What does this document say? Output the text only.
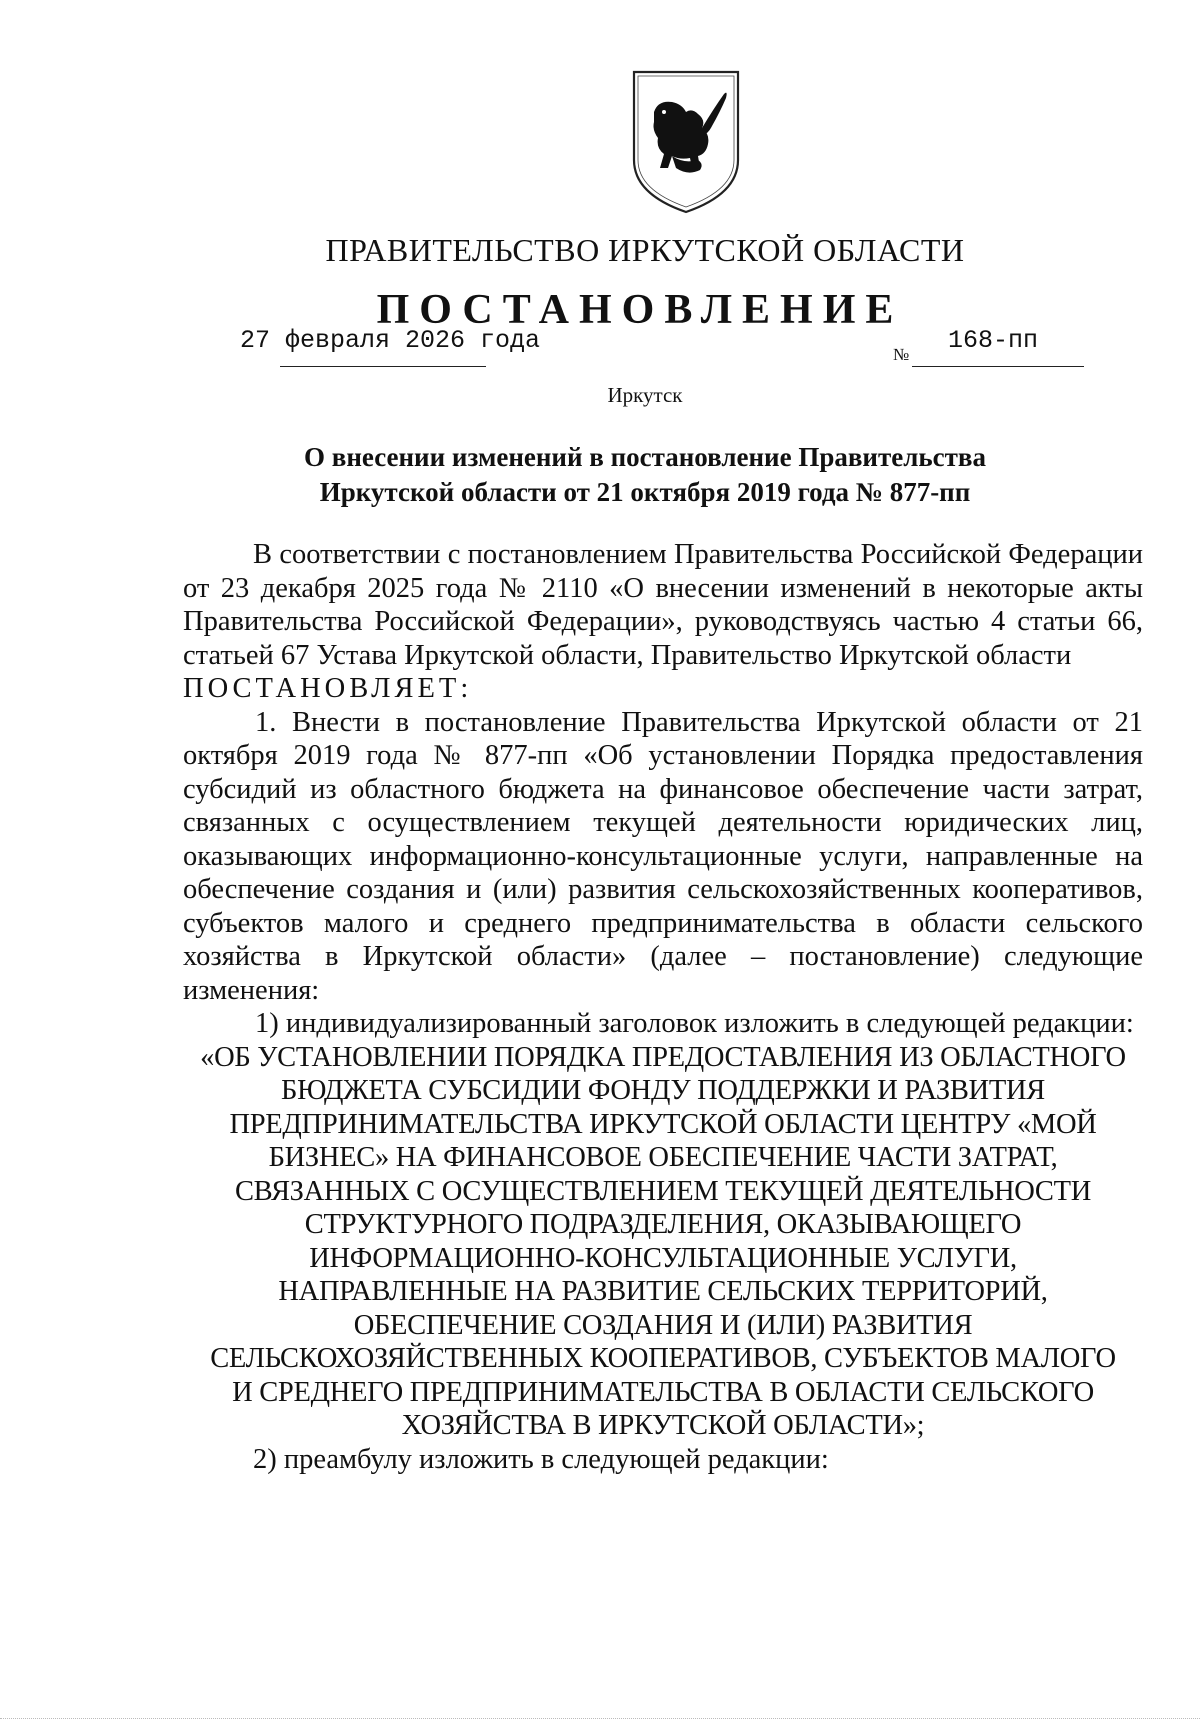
ПРАВИТЕЛЬСТВО ИРКУТСКОЙ ОБЛАСТИ
ПОСТАНОВЛЕНИЕ
27 февраля 2026 года	№ 168-пп
Иркутск
О внесении изменений в постановление Правительства
Иркутской области от 21 октября 2019 года № 877-пп

В соответствии с постановлением Правительства Российской Федерации от 23 декабря 2025 года № 2110 «О внесении изменений в некоторые акты Правительства Российской Федерации», руководствуясь частью 4 статьи 66, статьей 67 Устава Иркутской области, Правительство Иркутской области

ПОСТАНОВЛЯЕТ:

1. Внести в постановление Правительства Иркутской области от 21 октября 2019 года № 877-пп «Об установлении Порядка предоставления субсидий из областного бюджета на финансовое обеспечение части затрат, связанных с осуществлением текущей деятельности юридических лиц, оказывающих информационно-консультационные услуги, направленные на обеспечение создания и (или) развития сельскохозяйственных кооперативов, субъектов малого и среднего предпринимательства в области сельского хозяйства в Иркутской области» (далее – постановление) следующие изменения:

1) индивидуализированный заголовок изложить в следующей редакции:

«ОБ УСТАНОВЛЕНИИ ПОРЯДКА ПРЕДОСТАВЛЕНИЯ ИЗ ОБЛАСТНОГО

БЮДЖЕТА СУБСИДИИ ФОНДУ ПОДДЕРЖКИ И РАЗВИТИЯ

ПРЕДПРИНИМАТЕЛЬСТВА ИРКУТСКОЙ ОБЛАСТИ ЦЕНТРУ «МОЙ

БИЗНЕС» НА ФИНАНСОВОЕ ОБЕСПЕЧЕНИЕ ЧАСТИ ЗАТРАТ,

СВЯЗАННЫХ С ОСУЩЕСТВЛЕНИЕМ ТЕКУЩЕЙ ДЕЯТЕЛЬНОСТИ

СТРУКТУРНОГО ПОДРАЗДЕЛЕНИЯ, ОКАЗЫВАЮЩЕГО

ИНФОРМАЦИОННО-КОНСУЛЬТАЦИОННЫЕ УСЛУГИ,

НАПРАВЛЕННЫЕ НА РАЗВИТИЕ СЕЛЬСКИХ ТЕРРИТОРИЙ,

ОБЕСПЕЧЕНИЕ СОЗДАНИЯ И (ИЛИ) РАЗВИТИЯ

СЕЛЬСКОХОЗЯЙСТВЕННЫХ КООПЕРАТИВОВ, СУБЪЕКТОВ МАЛОГО

И СРЕДНЕГО ПРЕДПРИНИМАТЕЛЬСТВА В ОБЛАСТИ СЕЛЬСКОГО

ХОЗЯЙСТВА В ИРКУТСКОЙ ОБЛАСТИ»;

2) преамбулу изложить в следующей редакции:
